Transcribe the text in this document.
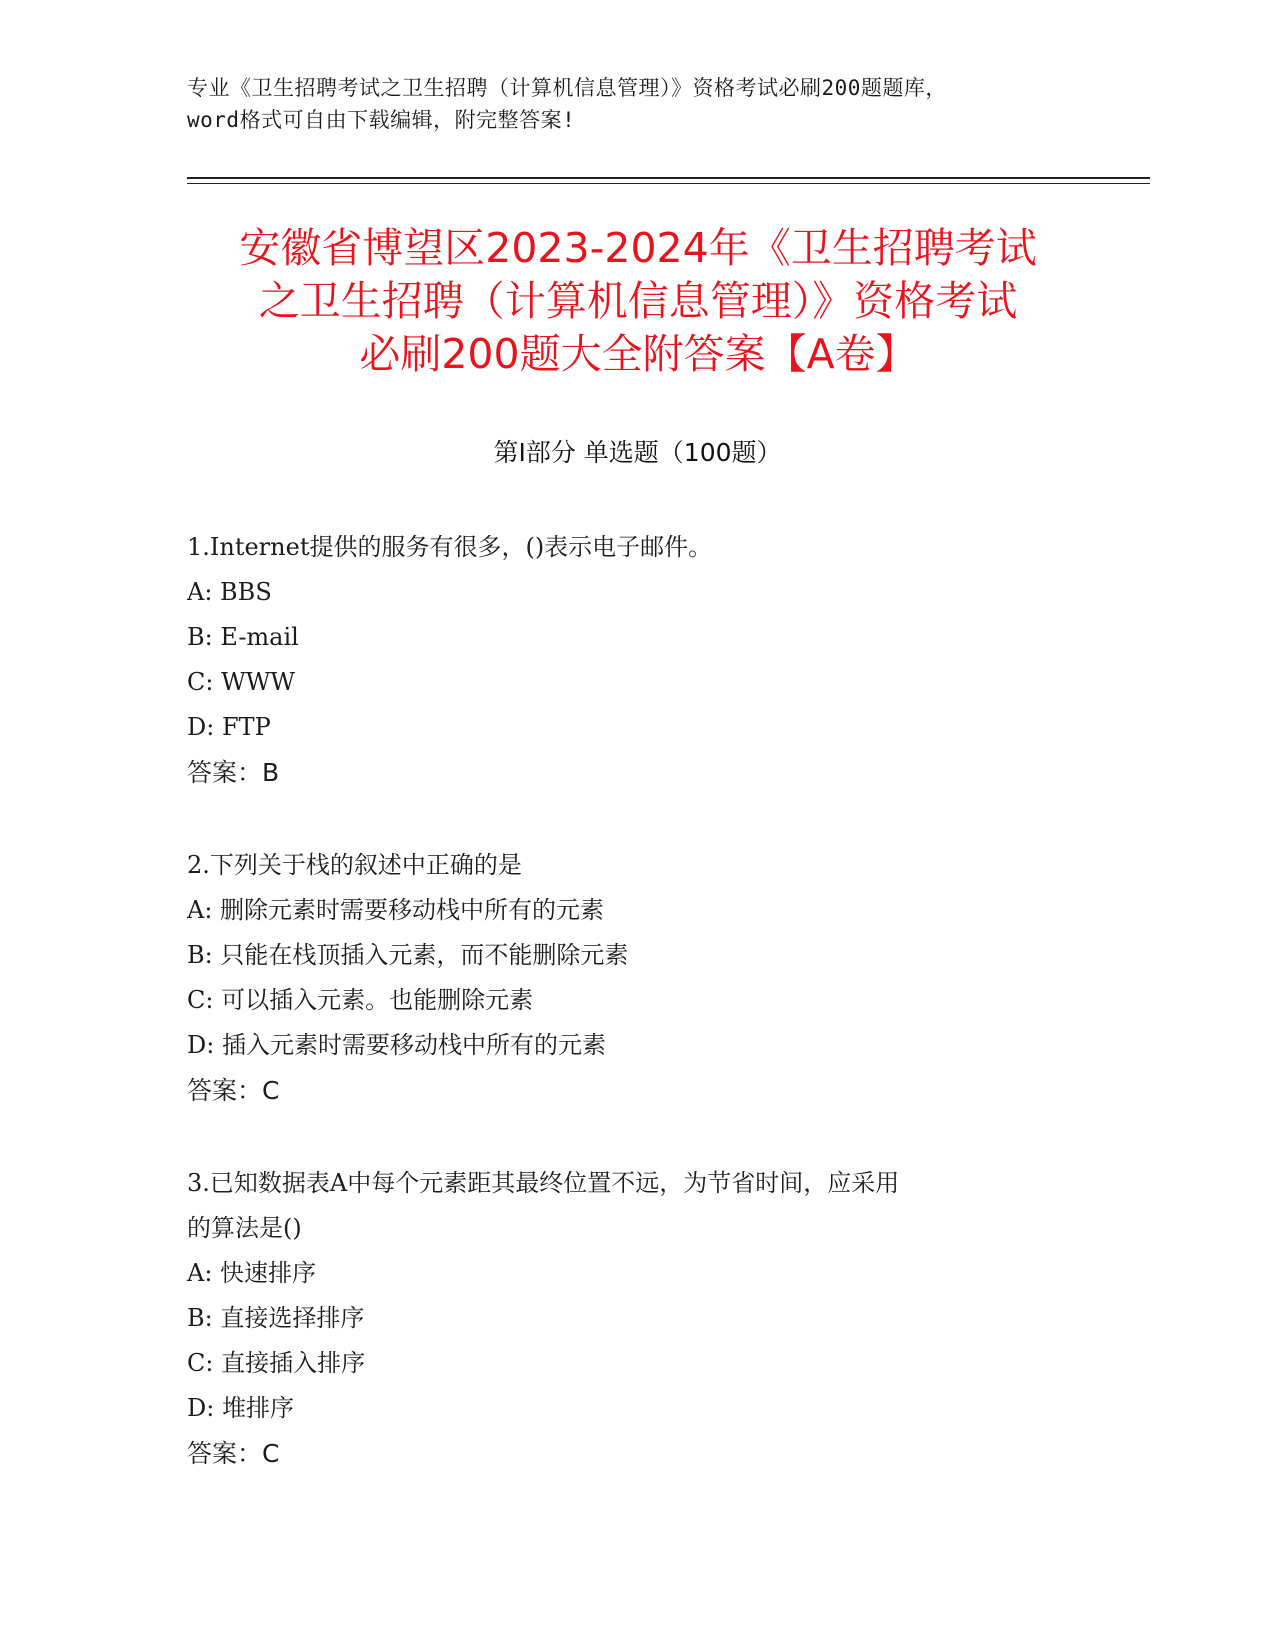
专业《卫生招聘考试之卫生招聘（计算机信息管理）》资格考试必刷200题题库，
word格式可自由下载编辑，附完整答案!
安徽省博望区2023-2024年《卫生招聘考试
之卫生招聘（计算机信息管理）》资格考试
必刷200题大全附答案【A卷】
第I部分 单选题（100题）
1.Internet提供的服务有很多，()表示电子邮件。
A: BBS
B: E-mail
C: WWW
D: FTP
答案：B
2.下列关于栈的叙述中正确的是
A: 删除元素时需要移动栈中所有的元素
B: 只能在栈顶插入元素，而不能删除元素
C: 可以插入元素。也能删除元素
D: 插入元素时需要移动栈中所有的元素
答案：C
3.已知数据表A中每个元素距其最终位置不远，为节省时间，应采用
的算法是()
A: 快速排序
B: 直接选择排序
C: 直接插入排序
D: 堆排序
答案：C
